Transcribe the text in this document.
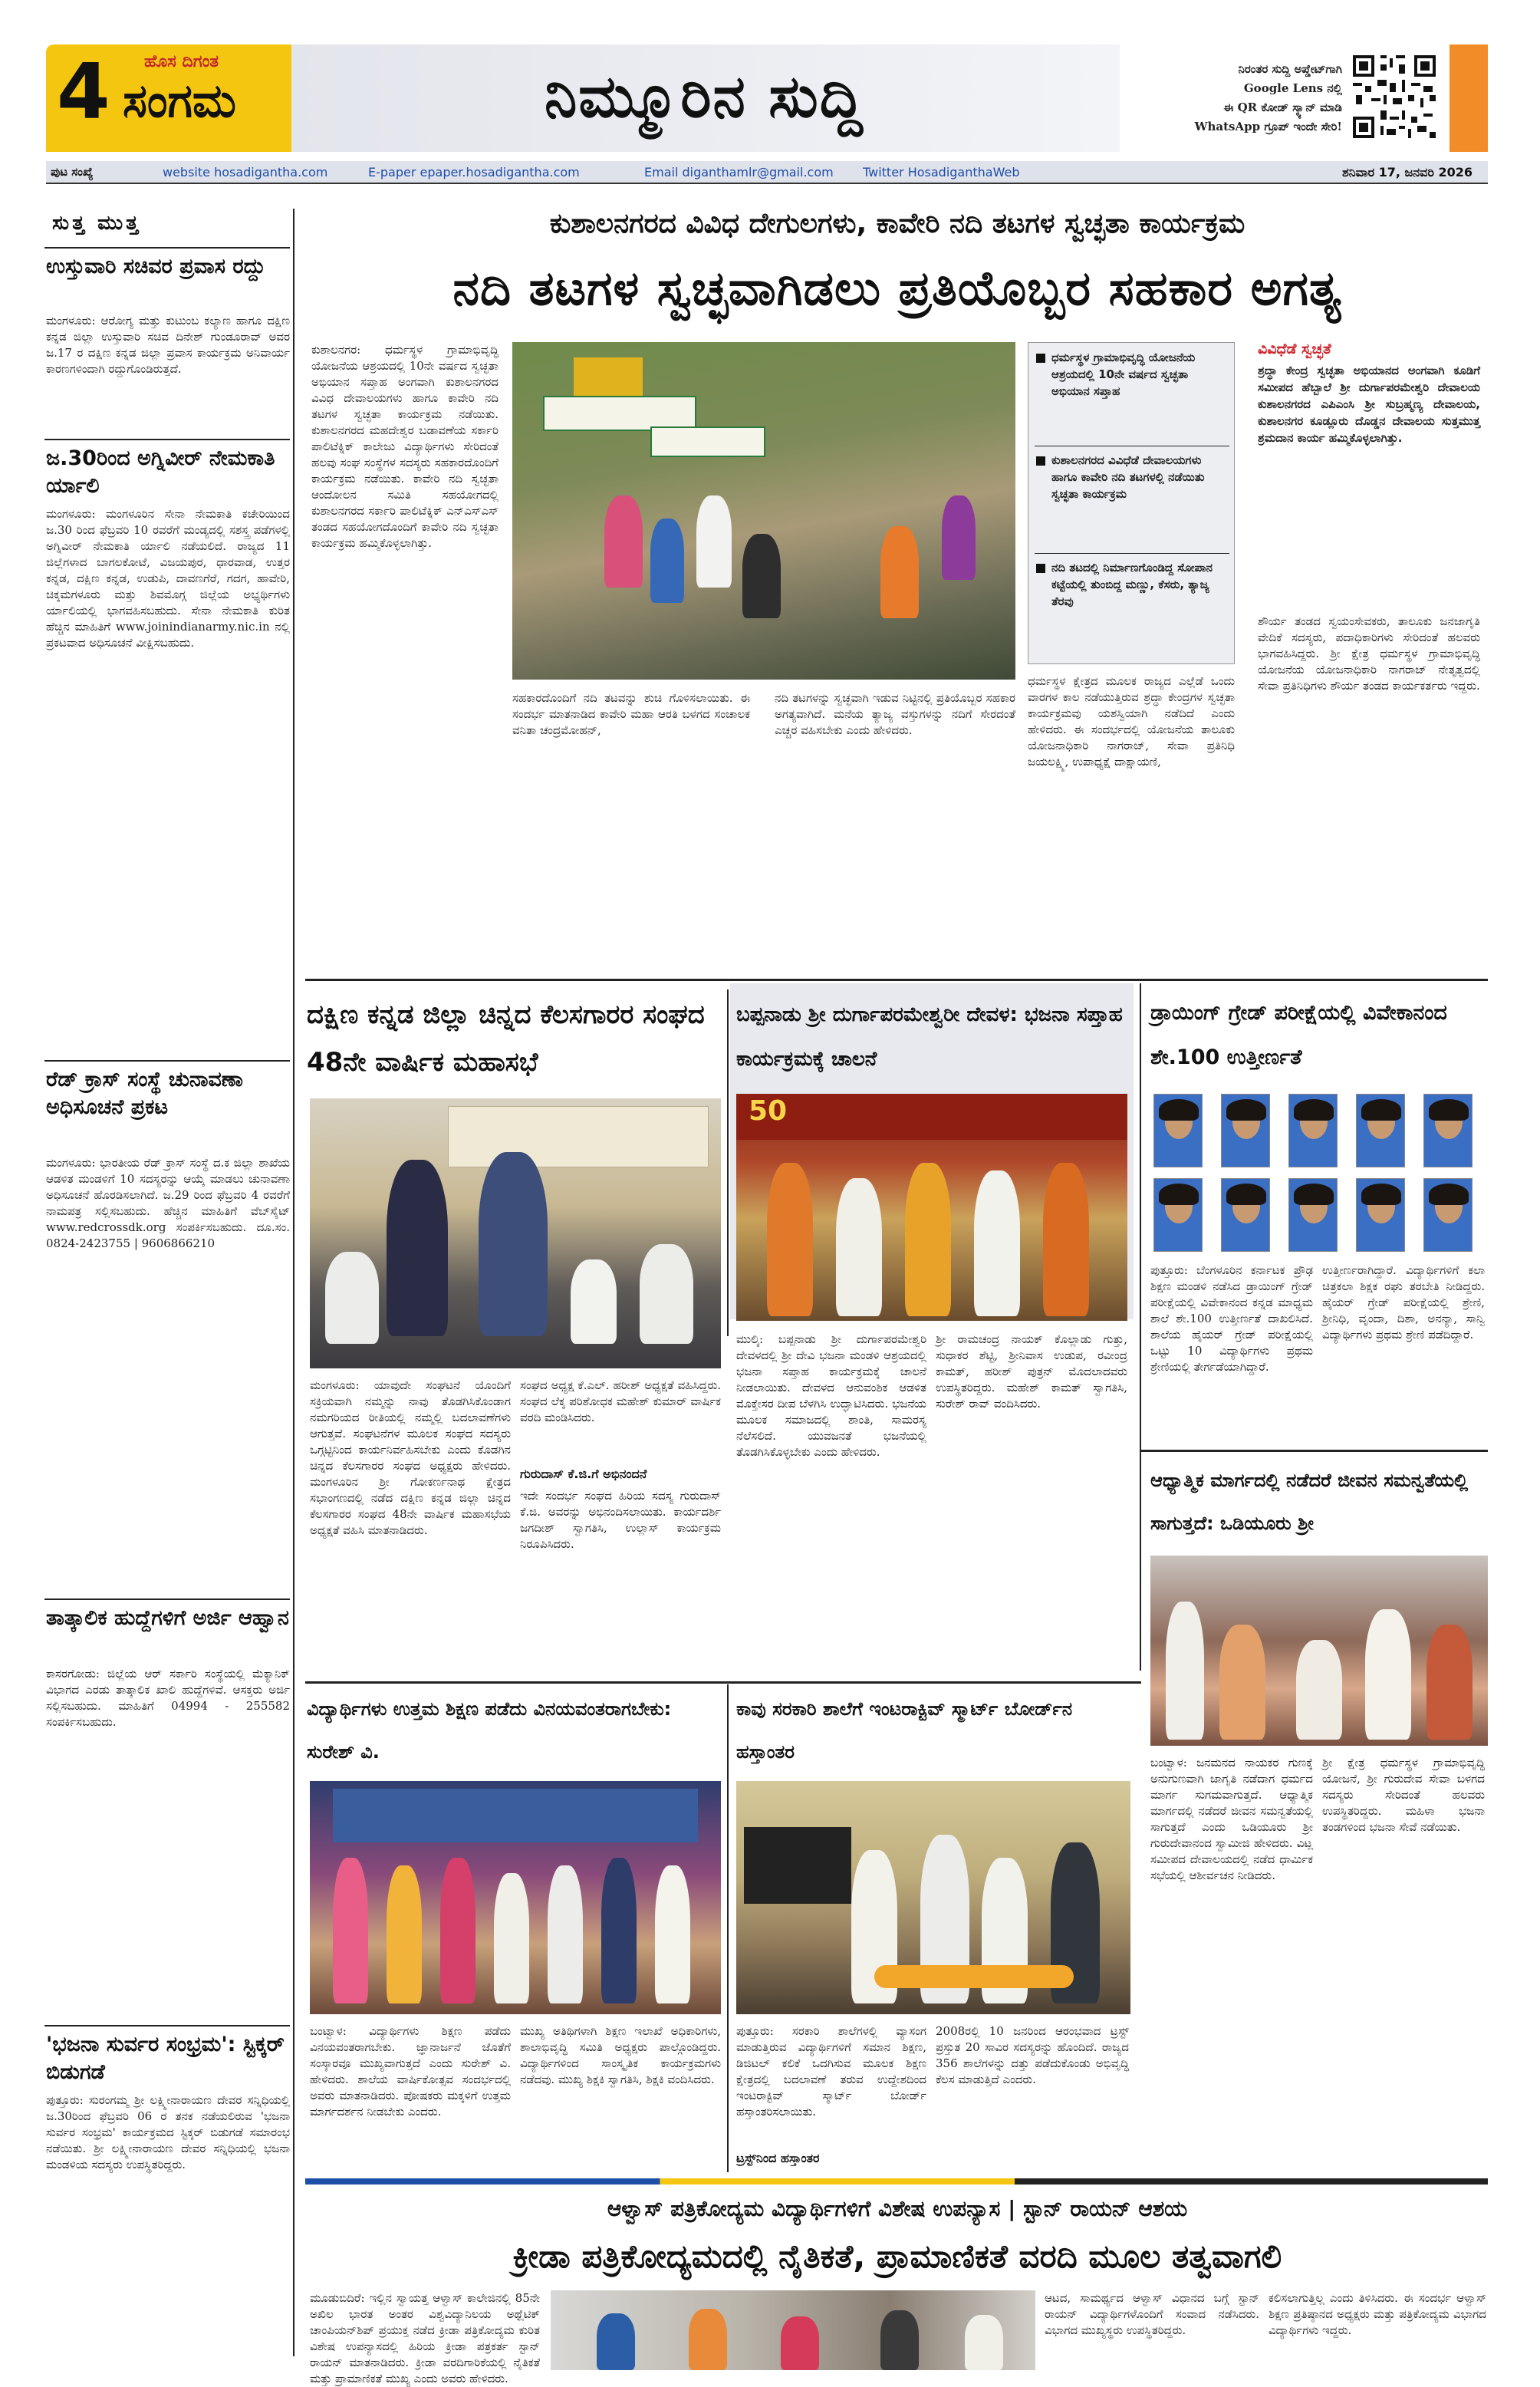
4 ಹೊಸ ದಿಗಂತ
ಸಂಗಮ	ನಿಮ್ಮೂರಿನ ಸುದ್ದಿ	ನಿರಂತರ ಸುದ್ದಿ ಅಪ್ಡೇಟ್‌ಗಾಗಿ
Google Lens ನಲ್ಲಿ
ಈ QR ಕೋಡ್ ಸ್ಕ್ಯಾನ್ ಮಾಡಿ
WhatsApp ಗ್ರೂಪ್ ಇಂದೇ ಸೇರಿ!
ಪುಟ ಸಂಖ್ಯೆ	website hosadigantha.com	E-paper epaper.hosadigantha.com	Email diganthamlr@gmail.com Twitter HosadiganthaWeb	ಶನಿವಾರ 17, ಜನವರಿ 2026
ಸುತ್ತ ಮುತ್ತ
ಉಸ್ತುವಾರಿ ಸಚಿವರ ಪ್ರವಾಸ ರದ್ದು
ಮಂಗಳೂರು: ಆರೋಗ್ಯ ಮತ್ತು ಕುಟುಂಬ ಕಲ್ಯಾಣ ಹಾಗೂ ದಕ್ಷಿಣ ಕನ್ನಡ ಜಿಲ್ಲಾ ಉಸ್ತುವಾರಿ ಸಚಿವ ದಿನೇಶ್ ಗುಂಡೂರಾವ್ ಅವರ ಜ.17 ರ ದಕ್ಷಿಣ ಕನ್ನಡ ಜಿಲ್ಲಾ ಪ್ರವಾಸ ಕಾರ್ಯಕ್ರಮ ಅನಿವಾರ್ಯ ಕಾರಣಗಳಿಂದಾಗಿ ರದ್ದುಗೊಂಡಿರುತ್ತದೆ.
ಜ.30ರಿಂದ ಅಗ್ನಿವೀರ್ ನೇಮಕಾತಿ ರ್ಯಾಲಿ
ಮಂಗಳೂರು: ಮಂಗಳೂರಿನ ಸೇನಾ ನೇಮಕಾತಿ ಕಚೇರಿಯಿಂದ ಜ.30 ರಿಂದ ಫೆಬ್ರವರಿ 10 ರವರೆಗೆ ಮಂಡ್ಯದಲ್ಲಿ ಸಶಸ್ತ್ರ ಪಡೆಗಳಲ್ಲಿ ಅಗ್ನಿವೀರ್ ನೇಮಕಾತಿ ರ್ಯಾಲಿ ನಡೆಯಲಿದೆ. ರಾಜ್ಯದ 11 ಜಿಲ್ಲೆಗಳಾದ ಬಾಗಲಕೋಟೆ, ವಿಜಯಪುರ, ಧಾರವಾಡ, ಉತ್ತರ ಕನ್ನಡ, ದಕ್ಷಿಣ ಕನ್ನಡ, ಉಡುಪಿ, ದಾವಣಗೆರೆ, ಗದಗ, ಹಾವೇರಿ, ಚಿಕ್ಕಮಗಳೂರು ಮತ್ತು ಶಿವಮೊಗ್ಗ ಜಿಲ್ಲೆಯ ಅಭ್ಯರ್ಥಿಗಳು ರ್ಯಾಲಿಯಲ್ಲಿ ಭಾಗವಹಿಸಬಹುದು. ಸೇನಾ ನೇಮಕಾತಿ ಕುರಿತ ಹೆಚ್ಚಿನ ಮಾಹಿತಿಗೆ www.joinindianarmy.nic.in ನಲ್ಲಿ ಪ್ರಕಟವಾದ ಅಧಿಸೂಚನೆ ವೀಕ್ಷಿಸಬಹುದು.
ರೆಡ್ ಕ್ರಾಸ್ ಸಂಸ್ಥೆ ಚುನಾವಣಾ ಅಧಿಸೂಚನೆ ಪ್ರಕಟ
ಮಂಗಳೂರು: ಭಾರತೀಯ ರೆಡ್ ಕ್ರಾಸ್ ಸಂಸ್ಥೆ ದ.ಕ ಜಿಲ್ಲಾ ಶಾಖೆಯ ಆಡಳಿತ ಮಂಡಳಿಗೆ 10 ಸದಸ್ಯರನ್ನು ಆಯ್ಕೆ ಮಾಡಲು ಚುನಾವಣಾ ಅಧಿಸೂಚನೆ ಹೊರಡಿಸಲಾಗಿದೆ. ಜ.29 ರಿಂದ ಫೆಬ್ರವರಿ 4 ರವರೆಗೆ ನಾಮಪತ್ರ ಸಲ್ಲಿಸಬಹುದು. ಹೆಚ್ಚಿನ ಮಾಹಿತಿಗೆ ವೆಬ್‌ಸೈಟ್ www.redcrossdk.org ಸಂಪರ್ಕಿಸಬಹುದು. ದೂ.ಸಂ. 0824-2423755 | 9606866210
ತಾತ್ಕಾಲಿಕ ಹುದ್ದೆಗಳಿಗೆ ಅರ್ಜಿ ಆಹ್ವಾನ
ಕಾಸರಗೋಡು: ಜಿಲ್ಲೆಯ ಆರ್ ಸರ್ಕಾರಿ ಸಂಸ್ಥೆಯಲ್ಲಿ ಮೆಕ್ಯಾನಿಕ್ ವಿಭಾಗದ ಎರಡು ತಾತ್ಕಾಲಿಕ ಖಾಲಿ ಹುದ್ದೆಗಳಿವೆ. ಆಸಕ್ತರು ಅರ್ಜಿ ಸಲ್ಲಿಸಬಹುದು. ಮಾಹಿತಿಗೆ 04994 - 255582 ಸಂಪರ್ಕಿಸಬಹುದು.
'ಭಜನಾ ಸುರ್ವರ ಸಂಭ್ರಮ': ಸ್ಟಿಕ್ಕರ್ ಬಿಡುಗಡೆ
ಪುತ್ತೂರು: ಸುರಂಗಮ್ಮ ಶ್ರೀ ಲಕ್ಷ್ಮೀನಾರಾಯಣ ದೇವರ ಸನ್ನಿಧಿಯಲ್ಲಿ ಜ.30ರಿಂದ ಫೆಬ್ರವರಿ 06 ರ ತನಕ ನಡೆಯಲಿರುವ 'ಭಜನಾ ಸುರ್ವರ ಸಂಭ್ರಮ' ಕಾರ್ಯಕ್ರಮದ ಸ್ಟಿಕ್ಕರ್ ಬಿಡುಗಡೆ ಸಮಾರಂಭ ನಡೆಯಿತು. ಶ್ರೀ ಲಕ್ಷ್ಮೀನಾರಾಯಣ ದೇವರ ಸನ್ನಿಧಿಯಲ್ಲಿ ಭಜನಾ ಮಂಡಳಿಯ ಸದಸ್ಯರು ಉಪಸ್ಥಿತರಿದ್ದರು.
ಕುಶಾಲನಗರದ ವಿವಿಧ ದೇಗುಲಗಳು, ಕಾವೇರಿ ನದಿ ತಟಗಳ ಸ್ವಚ್ಛತಾ ಕಾರ್ಯಕ್ರಮ
ನದಿ ತಟಗಳ ಸ್ವಚ್ಛವಾಗಿಡಲು ಪ್ರತಿಯೊಬ್ಬರ ಸಹಕಾರ ಅಗತ್ಯ
ಕುಶಾಲನಗರ: ಧರ್ಮಸ್ಥಳ ಗ್ರಾಮಾಭಿವೃದ್ಧಿ ಯೋಜನೆಯ ಆಶ್ರಯದಲ್ಲಿ 10ನೇ ವರ್ಷದ ಸ್ವಚ್ಛತಾ ಅಭಿಯಾನ ಸಪ್ತಾಹ ಅಂಗವಾಗಿ ಕುಶಾಲನಗರದ ವಿವಿಧ ದೇವಾಲಯಗಳು ಹಾಗೂ ಕಾವೇರಿ ನದಿ ತಟಗಳ ಸ್ವಚ್ಛತಾ ಕಾರ್ಯಕ್ರಮ ನಡೆಯಿತು. ಕುಶಾಲನಗರದ ಮಹದೇಶ್ವರ ಬಡಾವಣೆಯ ಸರ್ಕಾರಿ ಪಾಲಿಟೆಕ್ನಿಕ್ ಕಾಲೇಜು ವಿದ್ಯಾರ್ಥಿಗಳು ಸೇರಿದಂತೆ ಹಲವು ಸಂಘ ಸಂಸ್ಥೆಗಳ ಸದಸ್ಯರು ಸಹಕಾರದೊಂದಿಗೆ ಕಾರ್ಯಕ್ರಮ ನಡೆಯಿತು. ಕಾವೇರಿ ನದಿ ಸ್ವಚ್ಛತಾ ಆಂದೋಲನ ಸಮಿತಿ ಸಹಯೋಗದಲ್ಲಿ ಕುಶಾಲನಗರದ ಸರ್ಕಾರಿ ಪಾಲಿಟೆಕ್ನಿಕ್ ಎನ್‌ಎಸ್‌ಎಸ್ ತಂಡದ ಸಹಯೋಗದೊಂದಿಗೆ ಕಾವೇರಿ ನದಿ ಸ್ವಚ್ಛತಾ ಕಾರ್ಯಕ್ರಮ ಹಮ್ಮಿಕೊಳ್ಳಲಾಗಿತ್ತು.
ಸಹಕಾರದೊಂದಿಗೆ ನದಿ ತಟವನ್ನು ಶುಚಿ ಗೊಳಿಸಲಾಯಿತು. ಈ ಸಂದರ್ಭ ಮಾತನಾಡಿದ ಕಾವೇರಿ ಮಹಾ ಆರತಿ ಬಳಗದ ಸಂಚಾಲಕ ವನಿತಾ ಚಂದ್ರಮೋಹನ್,
ನದಿ ತಟಗಳನ್ನು ಸ್ವಚ್ಛವಾಗಿ ಇಡುವ ನಿಟ್ಟಿನಲ್ಲಿ ಪ್ರತಿಯೊಬ್ಬರ ಸಹಕಾರ ಅಗತ್ಯವಾಗಿದೆ. ಮನೆಯ ತ್ಯಾಜ್ಯ ವಸ್ತುಗಳನ್ನು ನದಿಗೆ ಸೇರದಂತೆ ಎಚ್ಚರ ವಹಿಸಬೇಕು ಎಂದು ಹೇಳಿದರು.
ಧರ್ಮಸ್ಥಳ ಗ್ರಾಮಾಭಿವೃದ್ಧಿ ಯೋಜನೆಯ ಆಶ್ರಯದಲ್ಲಿ 10ನೇ ವರ್ಷದ ಸ್ವಚ್ಛತಾ ಅಭಿಯಾನ ಸಪ್ತಾಹ
ಕುಶಾಲನಗರದ ವಿವಿಧೆಡೆ ದೇವಾಲಯಗಳು ಹಾಗೂ ಕಾವೇರಿ ನದಿ ತಟಗಳಲ್ಲಿ ನಡೆಯಿತು ಸ್ವಚ್ಛತಾ ಕಾರ್ಯಕ್ರಮ
ನದಿ ತಟದಲ್ಲಿ ನಿರ್ಮಾಣಗೊಂಡಿದ್ದ ಸೋಪಾನ ಕಟ್ಟೆಯಲ್ಲಿ ತುಂಬಿದ್ದ ಮಣ್ಣು, ಕೆಸರು, ತ್ಯಾಜ್ಯ ತೆರವು
ಧರ್ಮಸ್ಥಳ ಕ್ಷೇತ್ರದ ಮೂಲಕ ರಾಜ್ಯದ ಎಲ್ಲೆಡೆ ಒಂದು ವಾರಗಳ ಕಾಲ ನಡೆಯುತ್ತಿರುವ ಶ್ರದ್ಧಾ ಕೇಂದ್ರಗಳ ಸ್ವಚ್ಛತಾ ಕಾರ್ಯಕ್ರಮವು ಯಶಸ್ವಿಯಾಗಿ ನಡೆದಿದೆ ಎಂದು ಹೇಳಿದರು. ಈ ಸಂದರ್ಭದಲ್ಲಿ ಯೋಜನೆಯ ತಾಲೂಕು ಯೋಜನಾಧಿಕಾರಿ ನಾಗರಾಜ್, ಸೇವಾ ಪ್ರತಿನಿಧಿ ಜಯಲಕ್ಷ್ಮಿ, ಉಪಾಧ್ಯಕ್ಷೆ ದಾಕ್ಷಾಯಣಿ,
ವಿವಿಧೆಡೆ ಸ್ವಚ್ಛತೆ
ಶ್ರದ್ಧಾ ಕೇಂದ್ರ ಸ್ವಚ್ಛತಾ ಅಭಿಯಾನದ ಅಂಗವಾಗಿ ಕೂಡಿಗೆ ಸಮೀಪದ ಹೆಬ್ಬಾಲೆ ಶ್ರೀ ದುರ್ಗಾಪರಮೇಶ್ವರಿ ದೇವಾಲಯ ಕುಶಾಲನಗರದ ಎಪಿಎಂಸಿ ಶ್ರೀ ಸುಬ್ರಹ್ಮಣ್ಯ ದೇವಾಲಯ, ಕುಶಾಲನಗರ ಕೂಡ್ಲೂರು ದೊಡ್ಡನ ದೇವಾಲಯ ಸುತ್ತಮುತ್ತ ಶ್ರಮದಾನ ಕಾರ್ಯ ಹಮ್ಮಿಕೊಳ್ಳಲಾಗಿತ್ತು.
ಶೌರ್ಯ ತಂಡದ ಸ್ವಯಂಸೇವಕರು, ತಾಲೂಕು ಜನಜಾಗೃತಿ ವೇದಿಕೆ ಸದಸ್ಯರು, ಪದಾಧಿಕಾರಿಗಳು ಸೇರಿದಂತೆ ಹಲವರು ಭಾಗವಹಿಸಿದ್ದರು. ಶ್ರೀ ಕ್ಷೇತ್ರ ಧರ್ಮಸ್ಥಳ ಗ್ರಾಮಾಭಿವೃದ್ಧಿ ಯೋಜನೆಯ ಯೋಜನಾಧಿಕಾರಿ ನಾಗರಾಜ್ ನೇತೃತ್ವದಲ್ಲಿ ಸೇವಾ ಪ್ರತಿನಿಧಿಗಳು ಶೌರ್ಯ ತಂಡದ ಕಾರ್ಯಕರ್ತರು ಇದ್ದರು.
ದಕ್ಷಿಣ ಕನ್ನಡ ಜಿಲ್ಲಾ ಚಿನ್ನದ ಕೆಲಸಗಾರರ ಸಂಘದ 48ನೇ ವಾರ್ಷಿಕ ಮಹಾಸಭೆ
ಮಂಗಳೂರು: ಯಾವುದೇ ಸಂಘಟನೆ ಯೊಂದಿಗೆ ಸಕ್ರಿಯವಾಗಿ ನಮ್ಮನ್ನು ನಾವು ತೊಡಗಿಸಿಕೊಂಡಾಗ ನಮಗರಿಯದ ರೀತಿಯಲ್ಲಿ ನಮ್ಮಲ್ಲಿ ಬದಲಾವಣೆಗಳು ಆಗುತ್ತವೆ. ಸಂಘಟನೆಗಳ ಮೂಲಕ ಸಂಘದ ಸದಸ್ಯರು ಒಗ್ಗಟ್ಟಿನಿಂದ ಕಾರ್ಯನಿರ್ವಹಿಸಬೇಕು ಎಂದು ಕೊಡಗಿನ ಚಿನ್ನದ ಕೆಲಸಗಾರರ ಸಂಘದ ಅಧ್ಯಕ್ಷರು ಹೇಳಿದರು. ಮಂಗಳೂರಿನ ಶ್ರೀ ಗೋಕರ್ಣನಾಥ ಕ್ಷೇತ್ರದ ಸಭಾಂಗಣದಲ್ಲಿ ನಡೆದ ದಕ್ಷಿಣ ಕನ್ನಡ ಜಿಲ್ಲಾ ಚಿನ್ನದ ಕೆಲಸಗಾರರ ಸಂಘದ 48ನೇ ವಾರ್ಷಿಕ ಮಹಾಸಭೆಯ ಅಧ್ಯಕ್ಷತೆ ವಹಿಸಿ ಮಾತನಾಡಿದರು.
ಸಂಘದ ಅಧ್ಯಕ್ಷ ಕೆ.ಎಲ್. ಹರೀಶ್ ಅಧ್ಯಕ್ಷತೆ ವಹಿಸಿದ್ದರು. ಸಂಘದ ಲೆಕ್ಕ ಪರಿಶೋಧಕ ಮಹೇಶ್ ಕುಮಾರ್ ವಾರ್ಷಿಕ ವರದಿ ಮಂಡಿಸಿದರು.
ಗುರುದಾಸ್ ಕೆ.ಜಿ.ಗೆ ಅಭಿನಂದನೆ
ಇದೇ ಸಂದರ್ಭ ಸಂಘದ ಹಿರಿಯ ಸದಸ್ಯ ಗುರುದಾಸ್ ಕೆ.ಜಿ. ಅವರನ್ನು ಅಭಿನಂದಿಸಲಾಯಿತು. ಕಾರ್ಯದರ್ಶಿ ಜಗದೀಶ್ ಸ್ವಾಗತಿಸಿ, ಉಲ್ಲಾಸ್ ಕಾರ್ಯಕ್ರಮ ನಿರೂಪಿಸಿದರು.
ಬಪ್ಪನಾಡು ಶ್ರೀ ದುರ್ಗಾಪರಮೇಶ್ವರೀ ದೇವಳ: ಭಜನಾ ಸಪ್ತಾಹ ಕಾರ್ಯಕ್ರಮಕ್ಕೆ ಚಾಲನೆ
50
ಮುಲ್ಕಿ: ಬಪ್ಪನಾಡು ಶ್ರೀ ದುರ್ಗಾಪರಮೇಶ್ವರಿ ದೇವಳದಲ್ಲಿ ಶ್ರೀ ದೇವಿ ಭಜನಾ ಮಂಡಳಿ ಆಶ್ರಯದಲ್ಲಿ ಭಜನಾ ಸಪ್ತಾಹ ಕಾರ್ಯಕ್ರಮಕ್ಕೆ ಚಾಲನೆ ನೀಡಲಾಯಿತು. ದೇವಳದ ಆನುವಂಶಿಕ ಆಡಳಿತ ಮೊಕ್ತೇಸರ ದೀಪ ಬೆಳಗಿಸಿ ಉದ್ಘಾಟಿಸಿದರು. ಭಜನೆಯ ಮೂಲಕ ಸಮಾಜದಲ್ಲಿ ಶಾಂತಿ, ಸಾಮರಸ್ಯ ನೆಲೆಸಲಿದೆ. ಯುವಜನತೆ ಭಜನೆಯಲ್ಲಿ ತೊಡಗಿಸಿಕೊಳ್ಳಬೇಕು ಎಂದು ಹೇಳಿದರು.
ಶ್ರೀ ರಾಮಚಂದ್ರ ನಾಯಕ್ ಕೊಲ್ಲಾಡು ಗುತ್ತು, ಸುಧಾಕರ ಶೆಟ್ಟಿ, ಶ್ರೀನಿವಾಸ ಉಡುಪ, ರವೀಂದ್ರ ಕಾಮತ್, ಹರೀಶ್ ಪುತ್ರನ್ ಮೊದಲಾದವರು ಉಪಸ್ಥಿತರಿದ್ದರು. ಮಹೇಶ್ ಕಾಮತ್ ಸ್ವಾಗತಿಸಿ, ಸುರೇಶ್ ರಾವ್ ವಂದಿಸಿದರು.
ಡ್ರಾಯಿಂಗ್ ಗ್ರೇಡ್ ಪರೀಕ್ಷೆಯಲ್ಲಿ ವಿವೇಕಾನಂದ ಶೇ.100 ಉತ್ತೀರ್ಣತೆ
ಪುತ್ತೂರು: ಬೆಂಗಳೂರಿನ ಕರ್ನಾಟಕ ಪ್ರೌಢ ಶಿಕ್ಷಣ ಮಂಡಳಿ ನಡೆಸಿದ ಡ್ರಾಯಿಂಗ್ ಗ್ರೇಡ್ ಪರೀಕ್ಷೆಯಲ್ಲಿ ವಿವೇಕಾನಂದ ಕನ್ನಡ ಮಾಧ್ಯಮ ಶಾಲೆ ಶೇ.100 ಉತ್ತೀರ್ಣತೆ ದಾಖಲಿಸಿದೆ. ಶಾಲೆಯ ಹೈಯರ್ ಗ್ರೇಡ್ ಪರೀಕ್ಷೆಯಲ್ಲಿ ಒಟ್ಟು 10 ವಿದ್ಯಾರ್ಥಿಗಳು ಪ್ರಥಮ ಶ್ರೇಣಿಯಲ್ಲಿ ತೇರ್ಗಡೆಯಾಗಿದ್ದಾರೆ.
ಉತ್ತೀರ್ಣರಾಗಿದ್ದಾರೆ. ವಿದ್ಯಾರ್ಥಿಗಳಿಗೆ ಕಲಾ ಚಿತ್ರಕಲಾ ಶಿಕ್ಷಕ ರಘು ತರಬೇತಿ ನೀಡಿದ್ದರು. ಹೈಯರ್ ಗ್ರೇಡ್ ಪರೀಕ್ಷೆಯಲ್ಲಿ ಶ್ರೇಣಿ, ಶ್ರೀನಿಧಿ, ವೃಂದಾ, ದಿಶಾ, ಅನನ್ಯಾ, ಸಾನ್ವಿ ವಿದ್ಯಾರ್ಥಿಗಳು ಪ್ರಥಮ ಶ್ರೇಣಿ ಪಡೆದಿದ್ದಾರೆ.
ಆಧ್ಯಾತ್ಮಿಕ ಮಾರ್ಗದಲ್ಲಿ ನಡೆದರೆ ಜೀವನ ಸಮನ್ವತೆಯಲ್ಲಿ ಸಾಗುತ್ತದೆ: ಒಡಿಯೂರು ಶ್ರೀ
ಬಂಟ್ವಾಳ: ಜನಮನದ ನಾಯಕರ ಗುಣಕ್ಕೆ ಅನುಗುಣವಾಗಿ ಜಾಗೃತಿ ನಡೆದಾಗ ಧರ್ಮದ ಮಾರ್ಗ ಸುಗಮವಾಗುತ್ತದೆ. ಆಧ್ಯಾತ್ಮಿಕ ಮಾರ್ಗದಲ್ಲಿ ನಡೆದರೆ ಜೀವನ ಸಮನ್ವತೆಯಲ್ಲಿ ಸಾಗುತ್ತದೆ ಎಂದು ಒಡಿಯೂರು ಶ್ರೀ ಗುರುದೇವಾನಂದ ಸ್ವಾಮೀಜಿ ಹೇಳಿದರು. ವಿಟ್ಲ ಸಮೀಪದ ದೇವಾಲಯದಲ್ಲಿ ನಡೆದ ಧಾರ್ಮಿಕ ಸಭೆಯಲ್ಲಿ ಆಶೀರ್ವಚನ ನೀಡಿದರು.
ಶ್ರೀ ಕ್ಷೇತ್ರ ಧರ್ಮಸ್ಥಳ ಗ್ರಾಮಾಭಿವೃದ್ಧಿ ಯೋಜನೆ, ಶ್ರೀ ಗುರುದೇವ ಸೇವಾ ಬಳಗದ ಸದಸ್ಯರು ಸೇರಿದಂತೆ ಹಲವರು ಉಪಸ್ಥಿತರಿದ್ದರು. ಮಹಿಳಾ ಭಜನಾ ತಂಡಗಳಿಂದ ಭಜನಾ ಸೇವೆ ನಡೆಯಿತು.
ವಿದ್ಯಾರ್ಥಿಗಳು ಉತ್ತಮ ಶಿಕ್ಷಣ ಪಡೆದು ವಿನಯವಂತರಾಗಬೇಕು: ಸುರೇಶ್ ವಿ.
ಬಂಟ್ವಾಳ: ವಿದ್ಯಾರ್ಥಿಗಳು ಶಿಕ್ಷಣ ಪಡೆದು ವಿನಯವಂತರಾಗಬೇಕು. ಜ್ಞಾನಾರ್ಜನೆ ಜೊತೆಗೆ ಸಂಸ್ಕಾರವೂ ಮುಖ್ಯವಾಗುತ್ತದೆ ಎಂದು ಸುರೇಶ್ ವಿ. ಹೇಳಿದರು. ಶಾಲೆಯ ವಾರ್ಷಿಕೋತ್ಸವ ಸಂದರ್ಭದಲ್ಲಿ ಅವರು ಮಾತನಾಡಿದರು. ಪೋಷಕರು ಮಕ್ಕಳಿಗೆ ಉತ್ತಮ ಮಾರ್ಗದರ್ಶನ ನೀಡಬೇಕು ಎಂದರು.
ಮುಖ್ಯ ಅತಿಥಿಗಳಾಗಿ ಶಿಕ್ಷಣ ಇಲಾಖೆ ಅಧಿಕಾರಿಗಳು, ಶಾಲಾಭಿವೃದ್ಧಿ ಸಮಿತಿ ಅಧ್ಯಕ್ಷರು ಪಾಲ್ಗೊಂಡಿದ್ದರು. ವಿದ್ಯಾರ್ಥಿಗಳಿಂದ ಸಾಂಸ್ಕೃತಿಕ ಕಾರ್ಯಕ್ರಮಗಳು ನಡೆದವು. ಮುಖ್ಯ ಶಿಕ್ಷಕಿ ಸ್ವಾಗತಿಸಿ, ಶಿಕ್ಷಕಿ ವಂದಿಸಿದರು.
ಕಾವು ಸರಕಾರಿ ಶಾಲೆಗೆ ಇಂಟರಾಕ್ಟಿವ್ ಸ್ಮಾರ್ಟ್ ಬೋರ್ಡ್‌ನ ಹಸ್ತಾಂತರ
ಪುತ್ತೂರು: ಸರಕಾರಿ ಶಾಲೆಗಳಲ್ಲಿ ವ್ಯಾಸಂಗ ಮಾಡುತ್ತಿರುವ ವಿದ್ಯಾರ್ಥಿಗಳಿಗೆ ಸಮಾನ ಶಿಕ್ಷಣ, ಡಿಜಿಟಲ್ ಕಲಿಕೆ ಒದಗಿಸುವ ಮೂಲಕ ಶಿಕ್ಷಣ ಕ್ಷೇತ್ರದಲ್ಲಿ ಬದಲಾವಣೆ ತರುವ ಉದ್ದೇಶದಿಂದ ಇಂಟರಾಕ್ಟಿವ್ ಸ್ಮಾರ್ಟ್ ಬೋರ್ಡ್ ಹಸ್ತಾಂತರಿಸಲಾಯಿತು.
ಟ್ರಸ್ಟ್‌ನಿಂದ ಹಸ್ತಾಂತರ
2008ರಲ್ಲಿ 10 ಜನರಿಂದ ಆರಂಭವಾದ ಟ್ರಸ್ಟ್ ಪ್ರಸ್ತುತ 20 ಸಾವಿರ ಸದಸ್ಯರನ್ನು ಹೊಂದಿದೆ. ರಾಜ್ಯದ 356 ಶಾಲೆಗಳನ್ನು ದತ್ತು ಪಡೆದುಕೊಂಡು ಅಭಿವೃದ್ಧಿ ಕೆಲಸ ಮಾಡುತ್ತಿದೆ ಎಂದರು.
ಆಳ್ವಾಸ್ ಪತ್ರಿಕೋದ್ಯಮ ವಿದ್ಯಾರ್ಥಿಗಳಿಗೆ ವಿಶೇಷ ಉಪನ್ಯಾಸ | ಸ್ಟಾನ್ ರಾಯನ್ ಆಶಯ
ಕ್ರೀಡಾ ಪತ್ರಿಕೋದ್ಯಮದಲ್ಲಿ ನೈತಿಕತೆ, ಪ್ರಾಮಾಣಿಕತೆ ವರದಿ ಮೂಲ ತತ್ವವಾಗಲಿ
ಮೂಡುಬಿದಿರೆ: ಇಲ್ಲಿನ ಸ್ವಾಯತ್ತ ಆಳ್ವಾಸ್ ಕಾಲೇಜಿನಲ್ಲಿ 85ನೇ ಅಖಿಲ ಭಾರತ ಅಂತರ ವಿಶ್ವವಿದ್ಯಾನಿಲಯ ಅಥ್ಲೆಟಿಕ್ ಚಾಂಪಿಯನ್‌ಶಿಪ್ ಪ್ರಯುಕ್ತ ನಡೆದ ಕ್ರೀಡಾ ಪತ್ರಿಕೋದ್ಯಮ ಕುರಿತ ವಿಶೇಷ ಉಪನ್ಯಾಸದಲ್ಲಿ ಹಿರಿಯ ಕ್ರೀಡಾ ಪತ್ರಕರ್ತ ಸ್ಟಾನ್ ರಾಯನ್ ಮಾತನಾಡಿದರು. ಕ್ರೀಡಾ ವರದಿಗಾರಿಕೆಯಲ್ಲಿ ನೈತಿಕತೆ ಮತ್ತು ಪ್ರಾಮಾಣಿಕತೆ ಮುಖ್ಯ ಎಂದು ಅವರು ಹೇಳಿದರು.
ಆಟದ, ಸಾಮರ್ಥ್ಯದ ಆಳ್ವಾಸ್ ವಿಧಾನದ ಬಗ್ಗೆ ಸ್ಟಾನ್ ರಾಯನ್ ವಿದ್ಯಾರ್ಥಿಗಳೊಂದಿಗೆ ಸಂವಾದ ನಡೆಸಿದರು. ವಿಭಾಗದ ಮುಖ್ಯಸ್ಥರು ಉಪಸ್ಥಿತರಿದ್ದರು.
ಕಲಿಸಲಾಗುತ್ತಿಲ್ಲ ಎಂದು ತಿಳಿಸಿದರು. ಈ ಸಂದರ್ಭ ಆಳ್ವಾಸ್ ಶಿಕ್ಷಣ ಪ್ರತಿಷ್ಠಾನದ ಅಧ್ಯಕ್ಷರು ಮತ್ತು ಪತ್ರಿಕೋದ್ಯಮ ವಿಭಾಗದ ವಿದ್ಯಾರ್ಥಿಗಳು ಇದ್ದರು.
